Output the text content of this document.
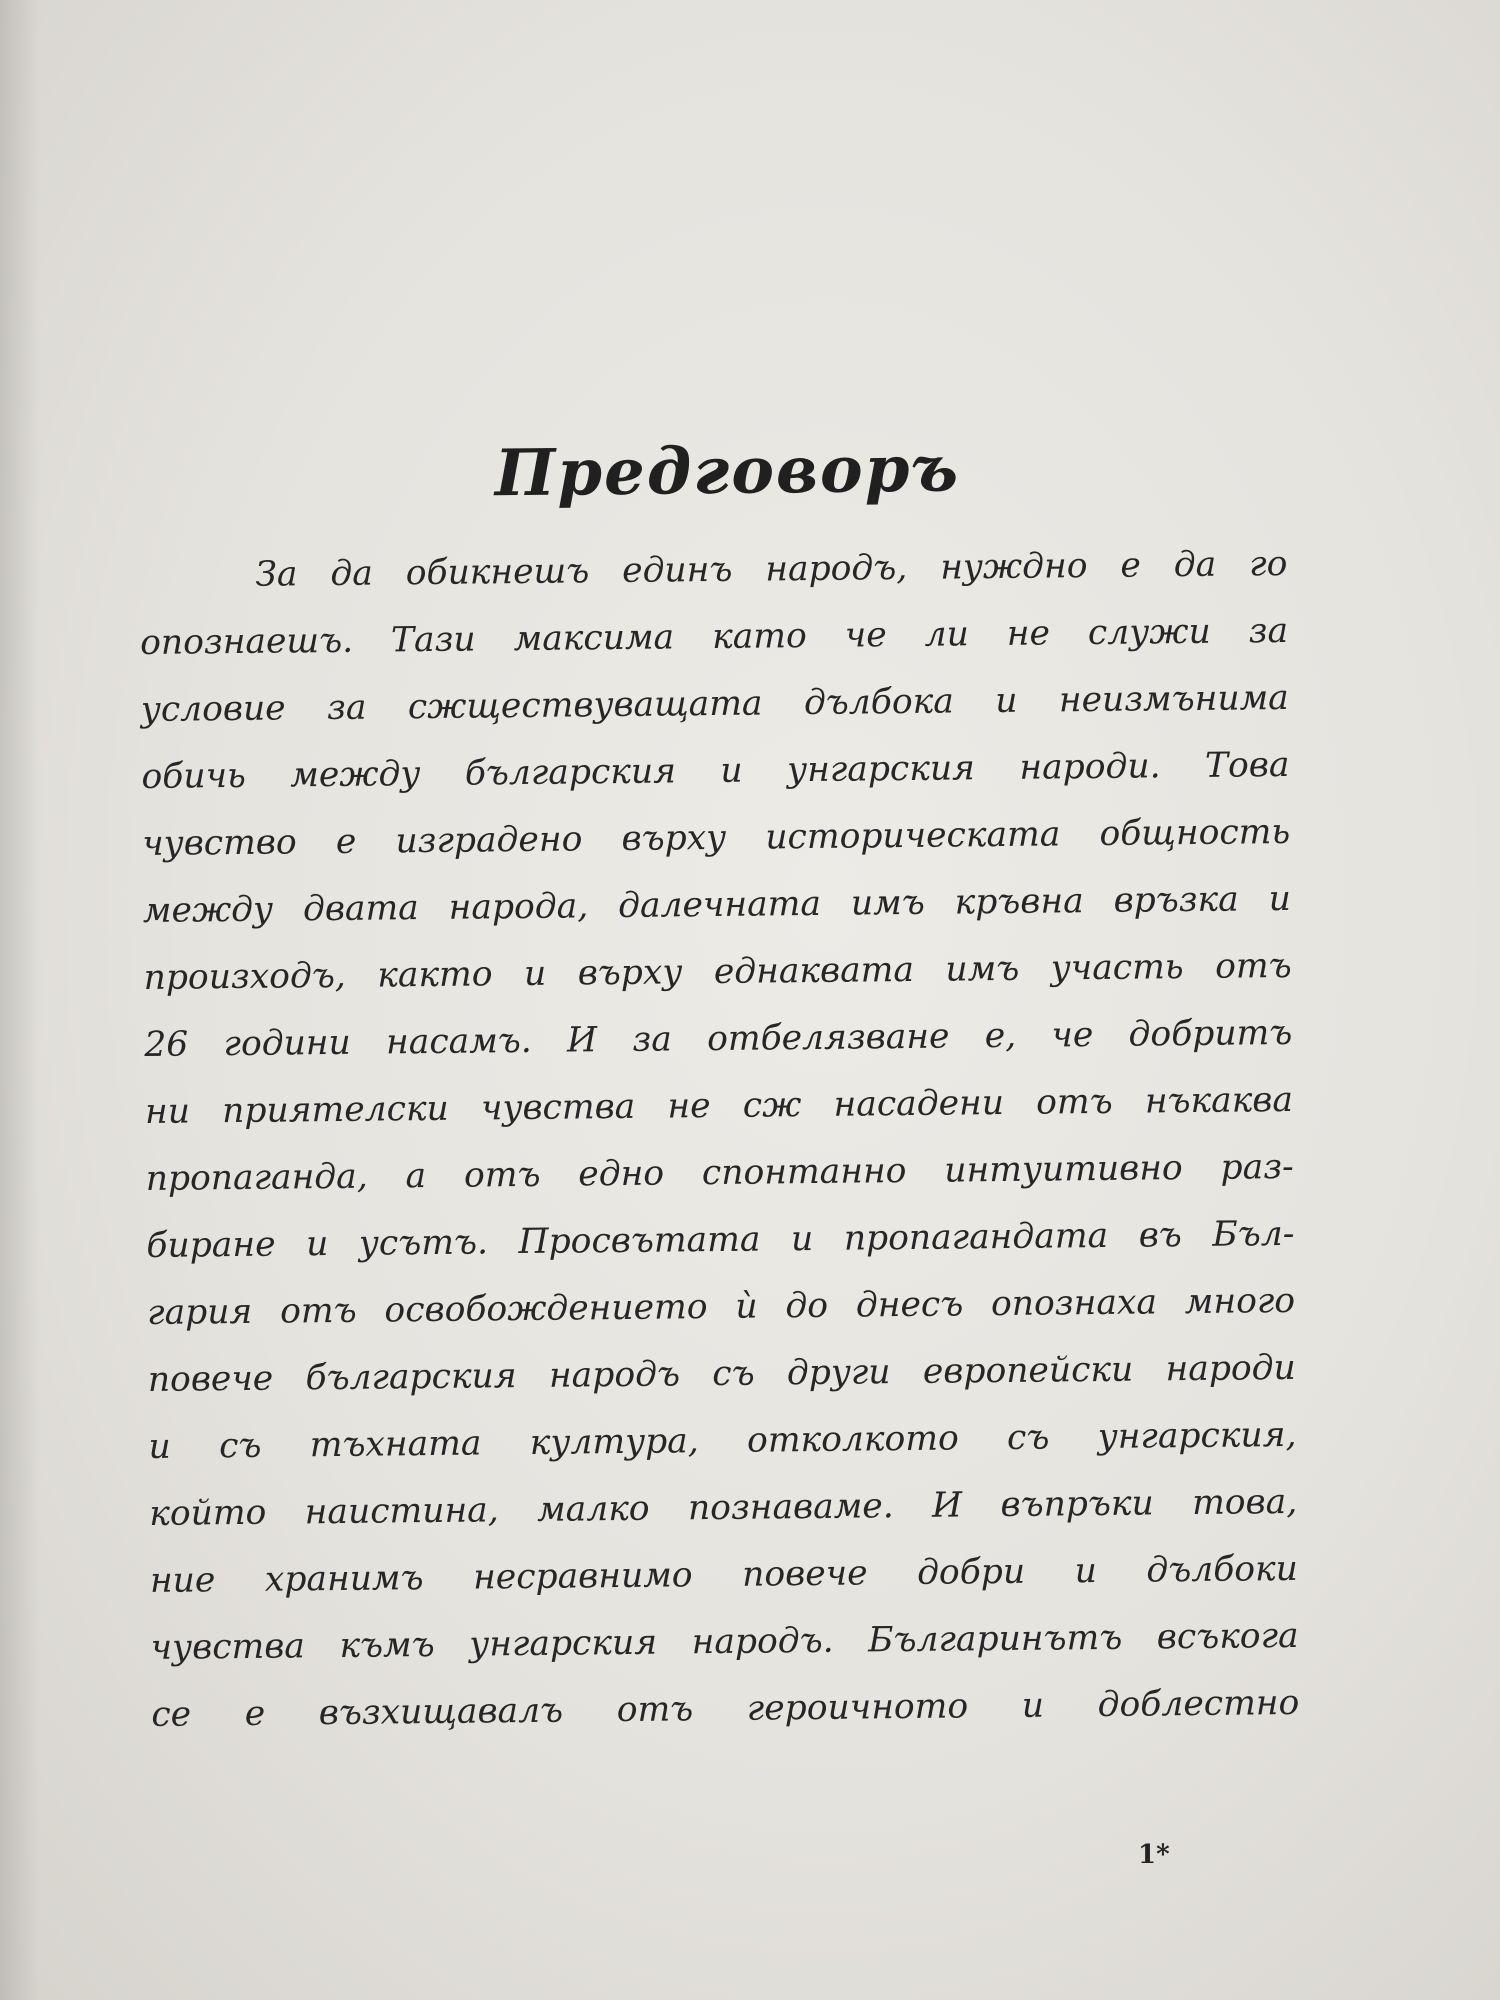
Предговоръ

За да обикнешъ единъ народъ, нуждно е да го
опознаешъ. Тази максима като че ли не служи за
условие за сжществуващата дълбока и неизмънима
обичь между българския и унгарския народи. Това
чувство е изградено върху историческата общность
между двата народа, далечната имъ кръвна връзка и
произходъ, както и върху еднаквата имъ участь отъ
26 години насамъ. И за отбелязване е, че добритъ
ни приятелски чувства не сж насадени отъ нъкаква
пропаганда, а отъ едно спонтанно интуитивно раз-
биране и усътъ. Просвътата и пропагандата въ Бъл-
гария отъ освобождението ѝ до днесъ опознаха много
повече българския народъ съ други европейски народи
и съ тъхната култура, отколкото съ унгарския,
който наистина, малко познаваме. И въпръки това,
ние хранимъ несравнимо повече добри и дълбоки
чувства къмъ унгарския народъ. Българинътъ всъкога
се е възхищавалъ отъ героичното и доблестно

1*
